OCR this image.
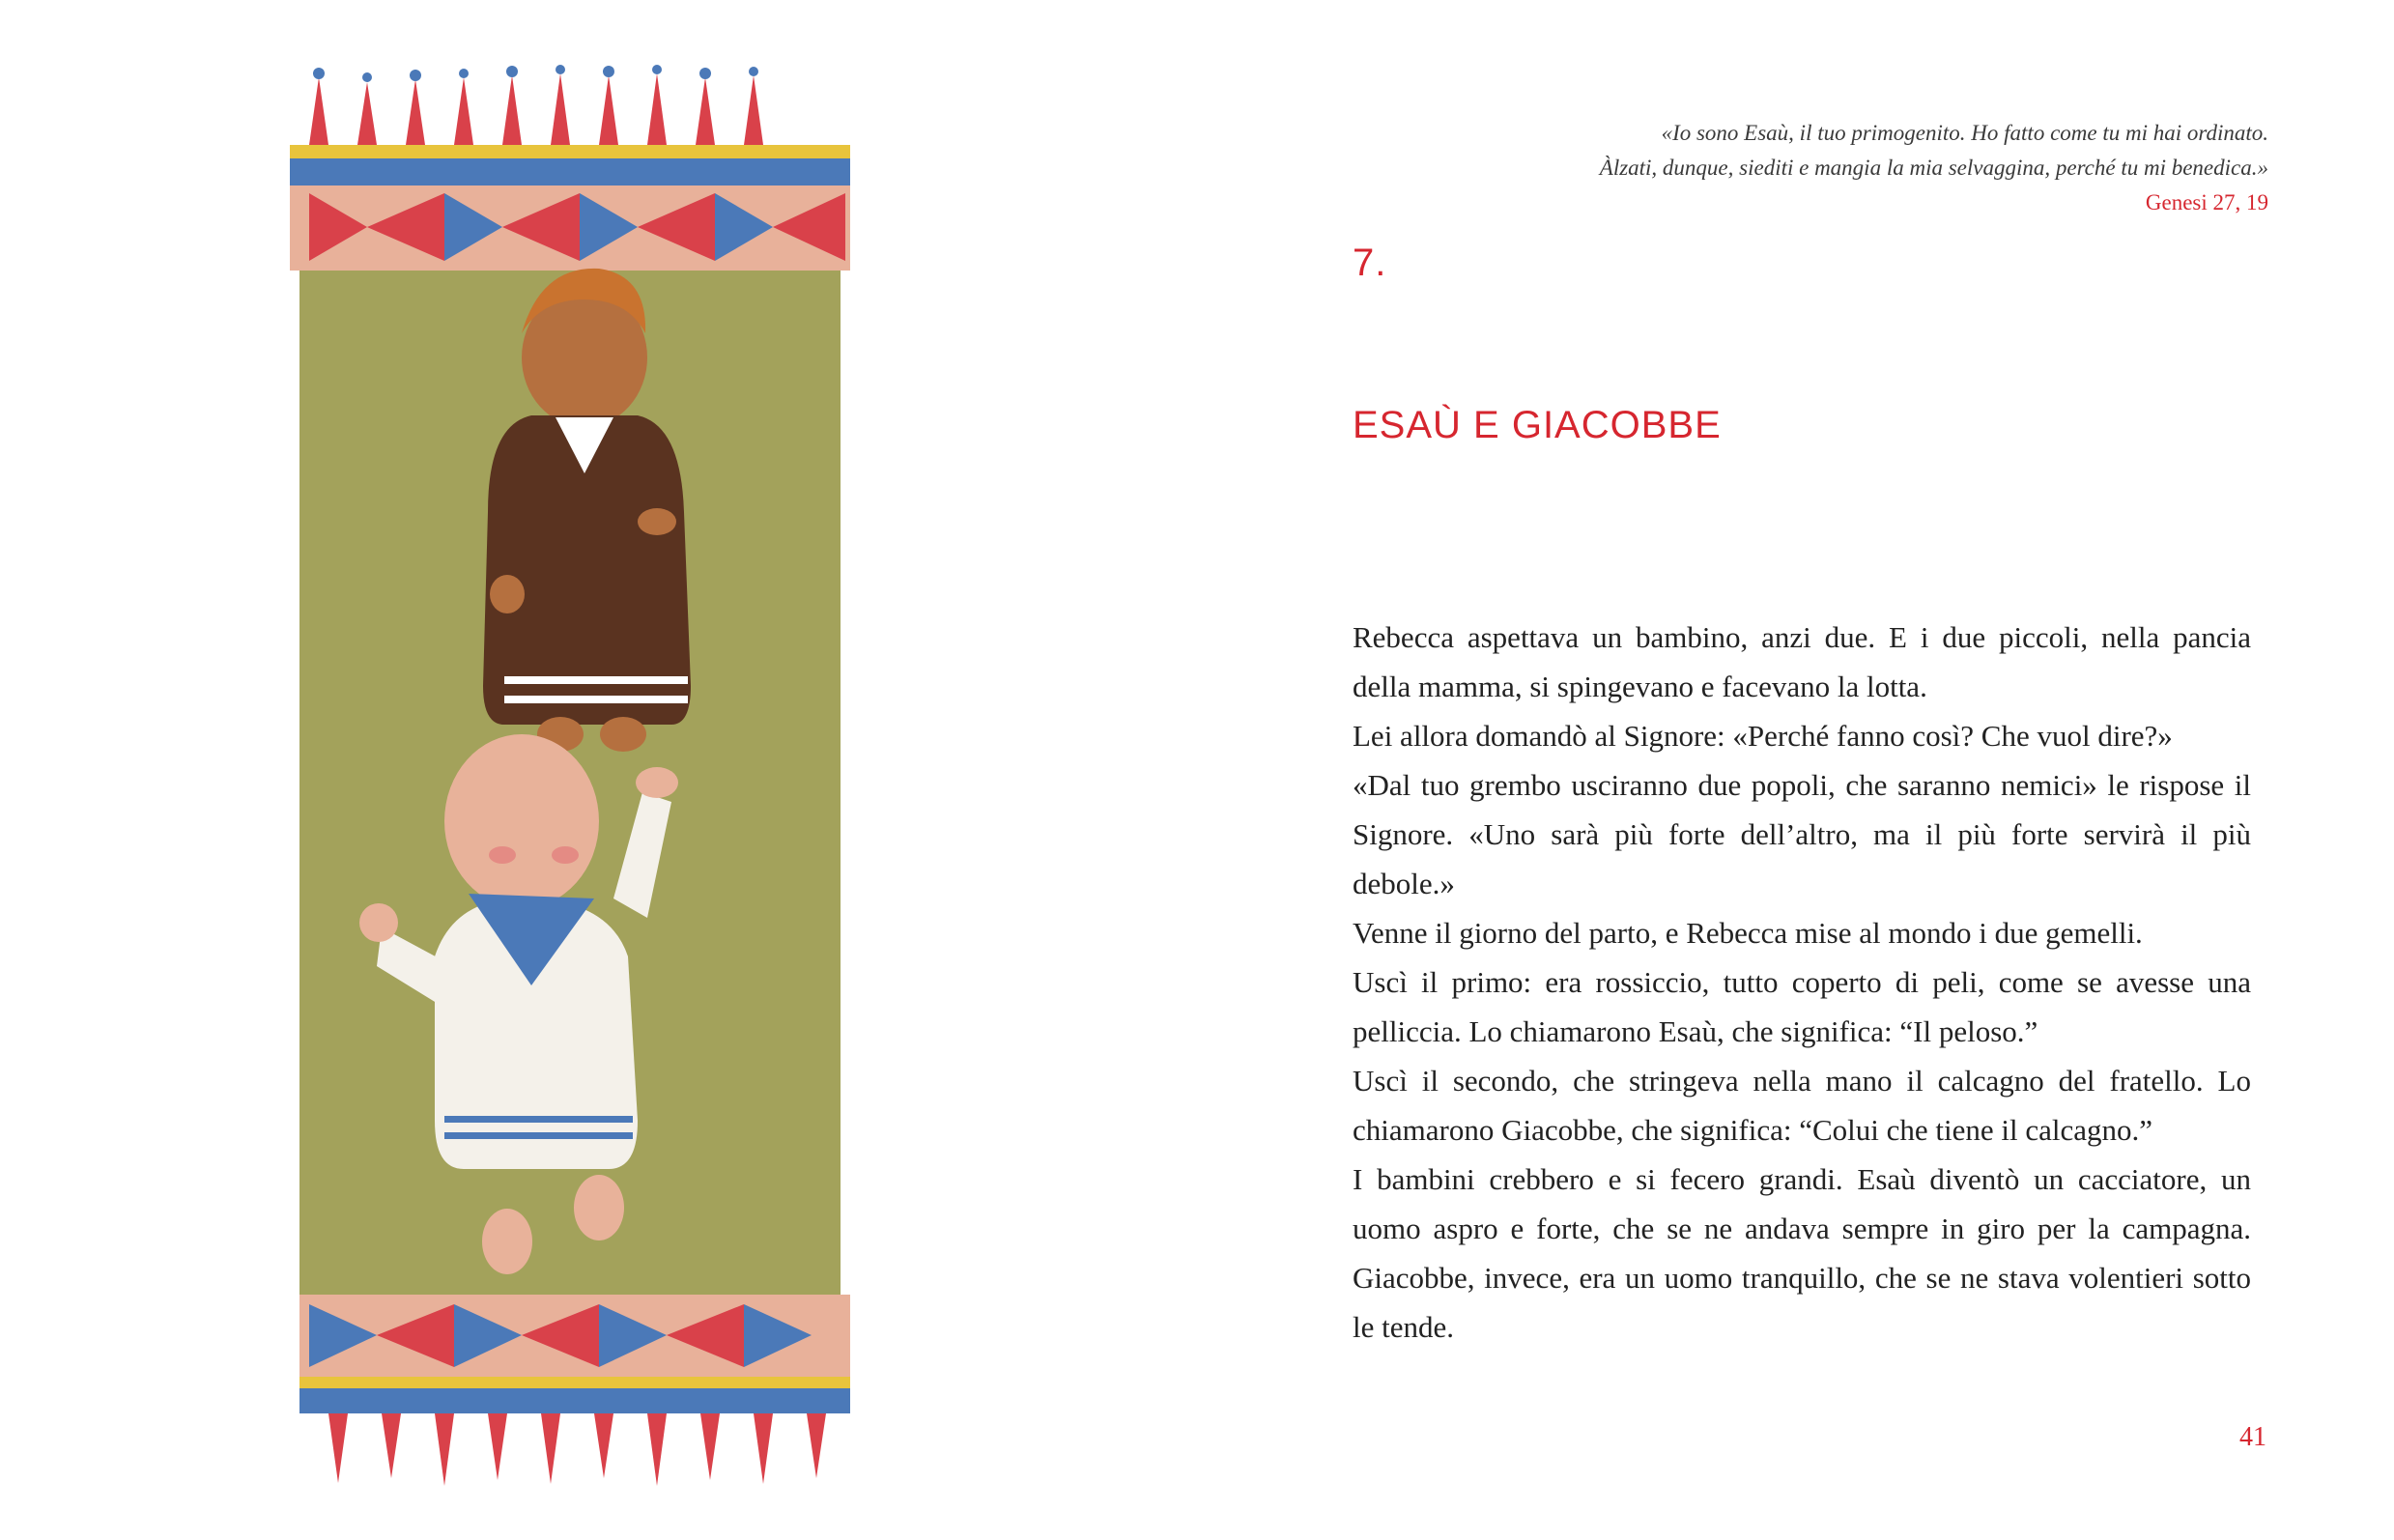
«Io sono Esaù, il tuo primogenito. Ho fatto come tu mi hai ordinato.
Àlzati, dunque, siediti e mangia la mia selvaggina, perché tu mi benedica.»
Genesi 27, 19
7.
ESAÙ E GIACOBBE
Rebecca aspettava un bambino, anzi due. E i due piccoli, nella pancia della mamma, si spingevano e facevano la lotta.
Lei allora domandò al Signore: «Perché fanno così? Che vuol dire?»
«Dal tuo grembo usciranno due popoli, che saranno nemici» le rispose il Signore. «Uno sarà più forte dell’altro, ma il più forte servirà il più debole.»
Venne il giorno del parto, e Rebecca mise al mondo i due gemelli.
Uscì il primo: era rossiccio, tutto coperto di peli, come se avesse una pelliccia. Lo chiamarono Esaù, che significa: “Il peloso.”
Uscì il secondo, che stringeva nella mano il calcagno del fratello. Lo chiamarono Giacobbe, che significa: “Colui che tiene il calcagno.”
I bambini crebbero e si fecero grandi. Esaù diventò un cacciatore, un uomo aspro e forte, che se ne andava sempre in giro per la campagna. Giacobbe, invece, era un uomo tranquillo, che se ne stava volentieri sotto le tende.
41
